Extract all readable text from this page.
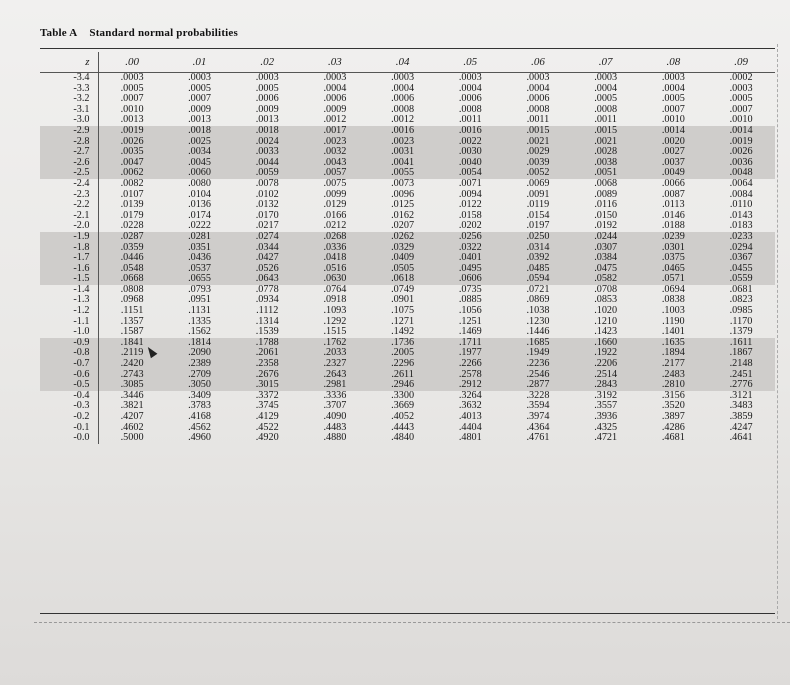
Table A Standard normal probabilities
z	.00	.01	.02	.03	.04	.05	.06	.07	.08	.09
-3.4	.0003	.0003	.0003	.0003	.0003	.0003	.0003	.0003	.0003	.0002
-3.3	.0005	.0005	.0005	.0004	.0004	.0004	.0004	.0004	.0004	.0003
-3.2	.0007	.0007	.0006	.0006	.0006	.0006	.0006	.0005	.0005	.0005
-3.1	.0010	.0009	.0009	.0009	.0008	.0008	.0008	.0008	.0007	.0007
-3.0	.0013	.0013	.0013	.0012	.0012	.0011	.0011	.0011	.0010	.0010
-2.9	.0019	.0018	.0018	.0017	.0016	.0016	.0015	.0015	.0014	.0014
-2.8	.0026	.0025	.0024	.0023	.0023	.0022	.0021	.0021	.0020	.0019
-2.7	.0035	.0034	.0033	.0032	.0031	.0030	.0029	.0028	.0027	.0026
-2.6	.0047	.0045	.0044	.0043	.0041	.0040	.0039	.0038	.0037	.0036
-2.5	.0062	.0060	.0059	.0057	.0055	.0054	.0052	.0051	.0049	.0048
-2.4	.0082	.0080	.0078	.0075	.0073	.0071	.0069	.0068	.0066	.0064
-2.3	.0107	.0104	.0102	.0099	.0096	.0094	.0091	.0089	.0087	.0084
-2.2	.0139	.0136	.0132	.0129	.0125	.0122	.0119	.0116	.0113	.0110
-2.1	.0179	.0174	.0170	.0166	.0162	.0158	.0154	.0150	.0146	.0143
-2.0	.0228	.0222	.0217	.0212	.0207	.0202	.0197	.0192	.0188	.0183
-1.9	.0287	.0281	.0274	.0268	.0262	.0256	.0250	.0244	.0239	.0233
-1.8	.0359	.0351	.0344	.0336	.0329	.0322	.0314	.0307	.0301	.0294
-1.7	.0446	.0436	.0427	.0418	.0409	.0401	.0392	.0384	.0375	.0367
-1.6	.0548	.0537	.0526	.0516	.0505	.0495	.0485	.0475	.0465	.0455
-1.5	.0668	.0655	.0643	.0630	.0618	.0606	.0594	.0582	.0571	.0559
-1.4	.0808	.0793	.0778	.0764	.0749	.0735	.0721	.0708	.0694	.0681
-1.3	.0968	.0951	.0934	.0918	.0901	.0885	.0869	.0853	.0838	.0823
-1.2	.1151	.1131	.1112	.1093	.1075	.1056	.1038	.1020	.1003	.0985
-1.1	.1357	.1335	.1314	.1292	.1271	.1251	.1230	.1210	.1190	.1170
-1.0	.1587	.1562	.1539	.1515	.1492	.1469	.1446	.1423	.1401	.1379
-0.9	.1841	.1814	.1788	.1762	.1736	.1711	.1685	.1660	.1635	.1611
-0.8	.2119	.2090	.2061	.2033	.2005	.1977	.1949	.1922	.1894	.1867
-0.7	.2420	.2389	.2358	.2327	.2296	.2266	.2236	.2206	.2177	.2148
-0.6	.2743	.2709	.2676	.2643	.2611	.2578	.2546	.2514	.2483	.2451
-0.5	.3085	.3050	.3015	.2981	.2946	.2912	.2877	.2843	.2810	.2776
-0.4	.3446	.3409	.3372	.3336	.3300	.3264	.3228	.3192	.3156	.3121
-0.3	.3821	.3783	.3745	.3707	.3669	.3632	.3594	.3557	.3520	.3483
-0.2	.4207	.4168	.4129	.4090	.4052	.4013	.3974	.3936	.3897	.3859
-0.1	.4602	.4562	.4522	.4483	.4443	.4404	.4364	.4325	.4286	.4247
-0.0	.5000	.4960	.4920	.4880	.4840	.4801	.4761	.4721	.4681	.4641
